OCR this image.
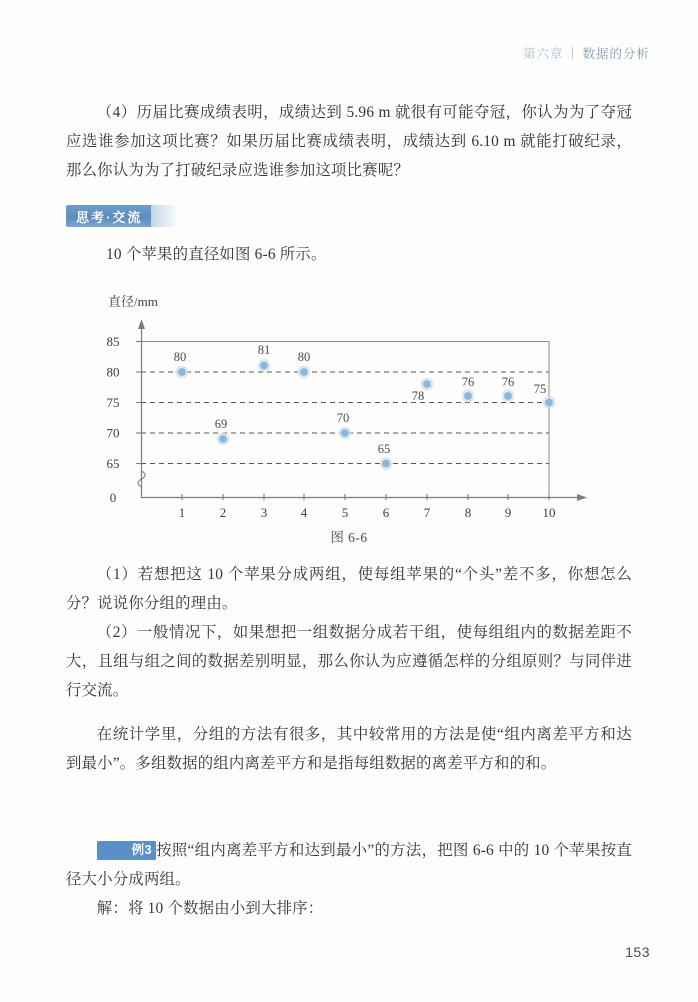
第六章 数据的分析
（4）历届比赛成绩表明，成绩达到 5.96 m 就很有可能夺冠，你认为为了夺冠应选谁参加这项比赛？如果历届比赛成绩表明，成绩达到 6.10 m 就能打破纪录，那么你认为为了打破纪录应选谁参加这项比赛呢？
思考·交流
10 个苹果的直径如图 6-6 所示。
直径/mm
85
80
75
70
65
0
1	2	3	4	5	6	7	8	9 10
80
69
81 80
70
65
78
76 76 75
图 6-6
（1）若想把这 10 个苹果分成两组，使每组苹果的“个头”差不多，你想怎么分？说说你分组的理由。
（2）一般情况下，如果想把一组数据分成若干组，使每组组内的数据差距不大，且组与组之间的数据差别明显，那么你认为应遵循怎样的分组原则？与同伴进行交流。
在统计学里，分组的方法有很多，其中较常用的方法是使“组内离差平方和达到最小”。多组数据的组内离差平方和是指每组数据的离差平方和的和。
例3 按照“组内离差平方和达到最小”的方法，把图 6-6 中的 10 个苹果按直径大小分成两组。
解：将 10 个数据由小到大排序：
153
